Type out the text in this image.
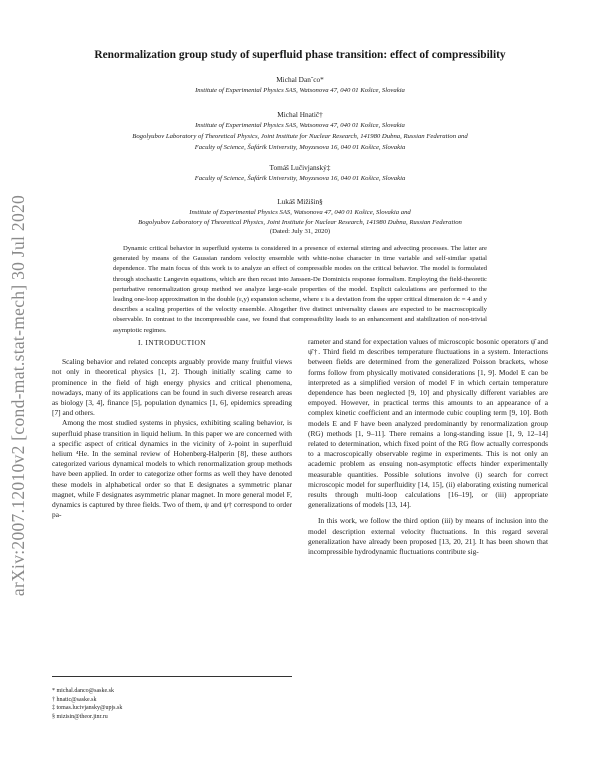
arXiv:2007.12010v2 [cond-mat.stat-mech] 30 Jul 2020
Renormalization group study of superfluid phase transition: effect of compressibility
Michal Danˇco*
Institute of Experimental Physics SAS, Watsonova 47, 040 01 Košice, Slovakia
Michal Hnatič†
Institute of Experimental Physics SAS, Watsonova 47, 040 01 Košice, Slovakia
Bogolyubov Laboratory of Theoretical Physics, Joint Institute for Nuclear Research, 141980 Dubna, Russian Federation and
Faculty of Science, Šafárik University, Moyzesova 16, 040 01 Košice, Slovakia
Tomáš Lučivjanský‡
Faculty of Science, Šafárik University, Moyzesova 16, 040 01 Košice, Slovakia
Lukáš Mižišin§
Institute of Experimental Physics SAS, Watsonova 47, 040 01 Košice, Slovakia and
Bogolyubov Laboratory of Theoretical Physics, Joint Institute for Nuclear Research, 141980 Dubna, Russian Federation
(Dated: July 31, 2020)
Dynamic critical behavior in superfluid systems is considered in a presence of external stirring and advecting processes. The latter are generated by means of the Gaussian random velocity ensemble with white-noise character in time variable and self-similar spatial dependence. The main focus of this work is to analyze an effect of compressible modes on the critical behavior. The model is formulated through stochastic Langevin equations, which are then recast into Janssen-De Dominicis response formalism. Employing the field-theoretic perturbative renormalization group method we analyze large-scale properties of the model. Explicit calculations are performed to the leading one-loop approximation in the double (ε,y) expansion scheme, where ε is a deviation from the upper critical dimension dc = 4 and y describes a scaling properties of the velocity ensemble. Altogether five distinct universality classes are expected to be macroscopically observable. In contrast to the incompressible case, we found that compressibility leads to an enhancement and stabilization of non-trivial asymptotic regimes.
I. INTRODUCTION

Scaling behavior and related concepts arguably provide many fruitful views not only in theoretical physics [1, 2]. Though initially scaling came to prominence in the field of high energy physics and critical phenomena, nowadays, many of its applications can be found in such diverse research areas as biology [3, 4], finance [5], population dynamics [1, 6], epidemics spreading [7] and others.

Among the most studied systems in physics, exhibiting scaling behavior, is superfluid phase transition in liquid helium. In this paper we are concerned with a specific aspect of critical dynamics in the vicinity of λ-point in superfluid helium ⁴He. In the seminal review of Hohenberg-Halperin [8], these authors categorized various dynamical models to which renormalization group methods have been applied. In order to categorize other forms as well they have denoted these models in alphabetical order so that E designates a symmetric planar magnet, while F designates asymmetric planar magnet. In more general model F, dynamics is captured by three fields. Two of them, ψ and ψ† correspond to order pa-

rameter and stand for expectation values of microscopic bosonic operators ψ̂ and ψ̂†. Third field m describes temperature fluctuations in a system. Interactions between fields are determined from the generalized Poisson brackets, whose forms follow from physically motivated considerations [1, 9]. Model E can be interpreted as a simplified version of model F in which certain temperature dependence has been neglected [9, 10] and physically different variables are empoyed. However, in practical terms this amounts to an appearance of a complex kinetic coefficient and an intermode cubic coupling term [9, 10]. Both models E and F have been analyzed predominantly by renormalization group (RG) methods [1, 9–11]. There remains a long-standing issue [1, 9, 12–14] related to determination, which fixed point of the RG flow actually corresponds to a macroscopically observable regime in experiments. This is not only an academic problem as ensuing non-asymptotic effects hinder experimentally measurable quantities. Possible solutions involve (i) search for correct microscopic model for superfluidity [14, 15], (ii) elaborating existing numerical results through multi-loop calculations [16–19], or (iii) appropriate generalizations of models [13, 14].

In this work, we follow the third option (iii) by means of inclusion into the model description external velocity fluctuations. In this regard several generalization have already been proposed [13, 20, 21]. It has been shown that incompressible hydrodynamic fluctuations contribute sig-

* michal.danco@saske.sk
† hnatic@saske.sk
‡ tomas.lucivjansky@upjs.sk
§ mizisin@theor.jinr.ru
